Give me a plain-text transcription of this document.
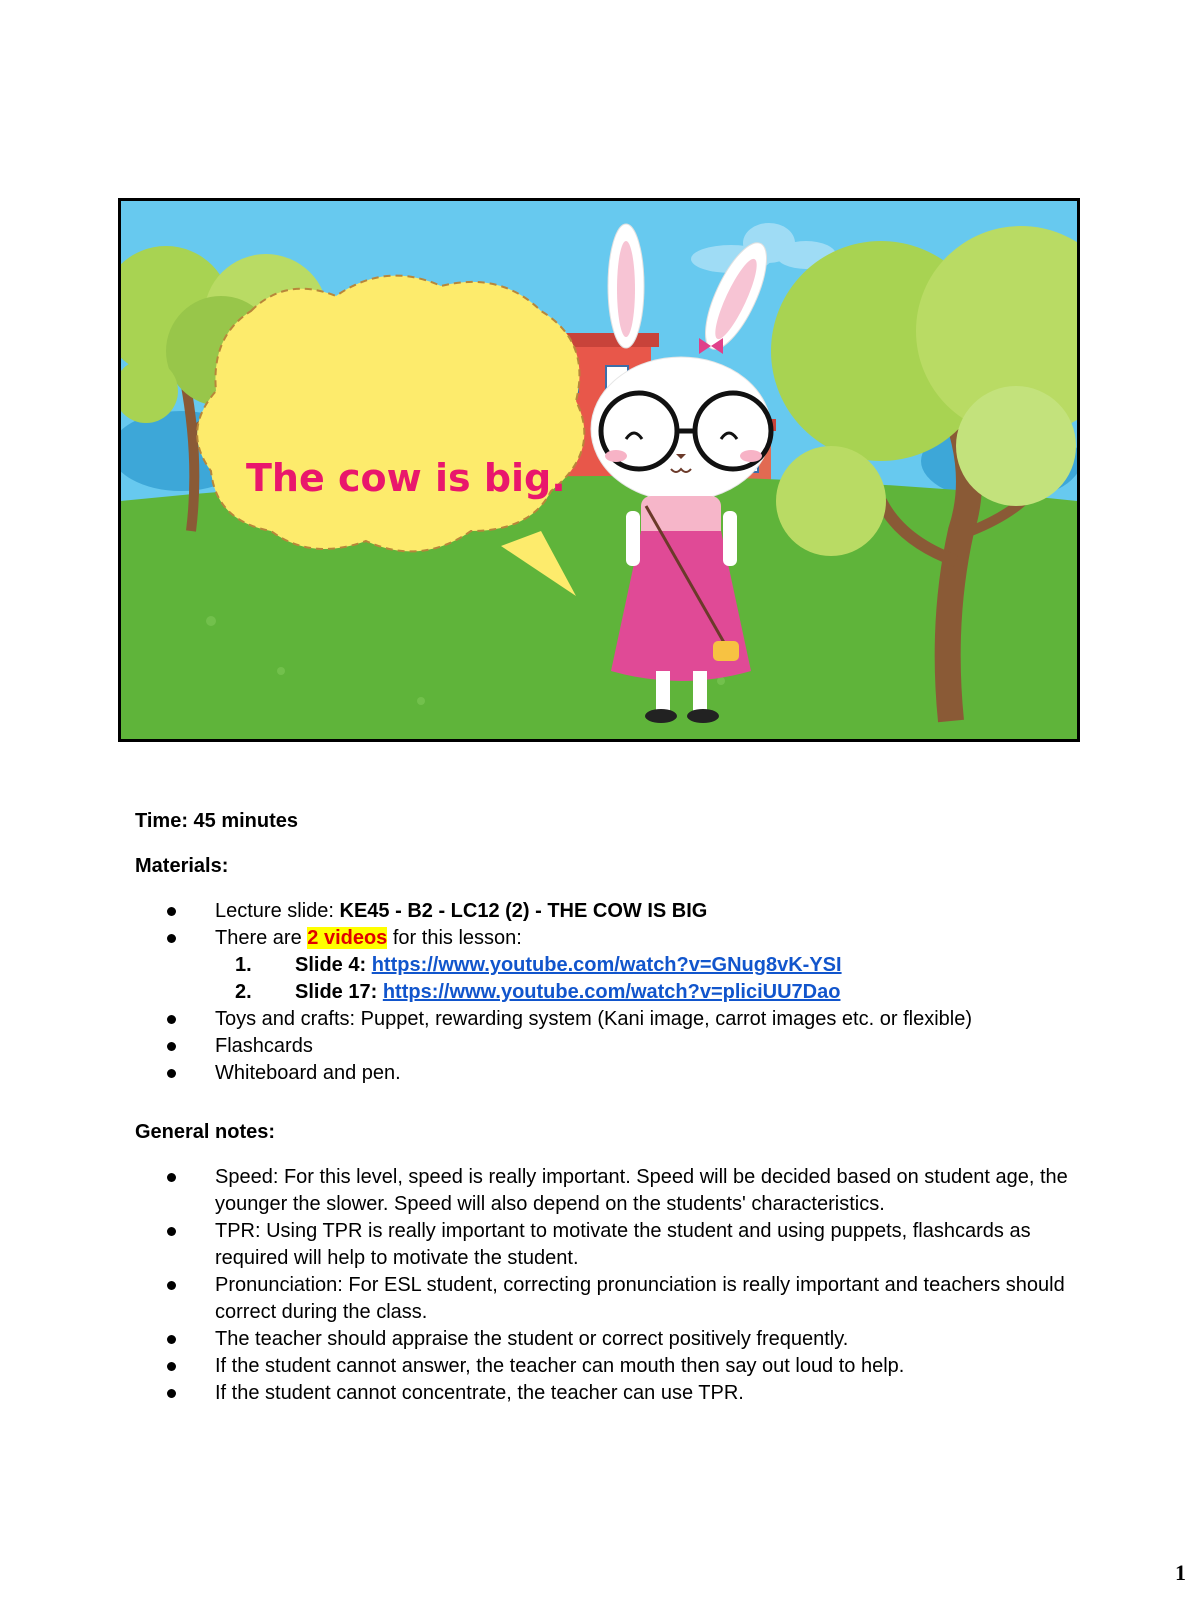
The cow is big.

Time: 45 minutes

Materials:

Lecture slide: KE45 - B2 - LC12 (2) - THE COW IS BIG
There are 2 videos for this lesson:
1. Slide 4: https://www.youtube.com/watch?v=GNug8vK-YSI
2. Slide 17: https://www.youtube.com/watch?v=pliciUU7Dao
Toys and crafts: Puppet, rewarding system (Kani image, carrot images etc. or flexible)
Flashcards
Whiteboard and pen.

General notes:

Speed: For this level, speed is really important. Speed will be decided based on student age, the younger the slower. Speed will also depend on the students' characteristics.
TPR: Using TPR is really important to motivate the student and using puppets, flashcards as required will help to motivate the student.
Pronunciation: For ESL student, correcting pronunciation is really important and teachers should correct during the class.
The teacher should appraise the student or correct positively frequently.
If the student cannot answer, the teacher can mouth then say out loud to help.
If the student cannot concentrate, the teacher can use TPR.
1
